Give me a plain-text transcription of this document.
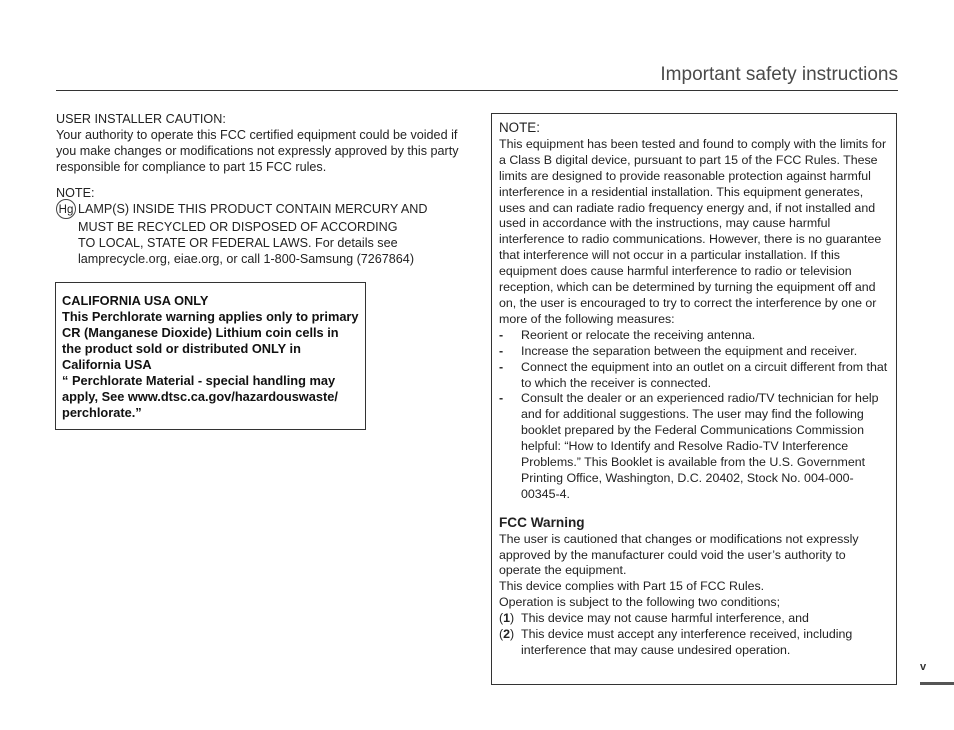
Important safety instructions

USER INSTALLER CAUTION:

Your authority to operate this FCC certified equipment could be voided if you make changes or modifications not expressly approved by this party responsible for compliance to part 15 FCC rules.

NOTE:

Hg LAMP(S) INSIDE THIS PRODUCT CONTAIN MERCURY AND

MUST BE RECYCLED OR DISPOSED OF ACCORDING

TO LOCAL, STATE OR FEDERAL LAWS. For details see

lamprecycle.org, eiae.org, or call 1-800-Samsung (7267864)

CALIFORNIA USA ONLY
This Perchlorate warning applies only to primary CR (Manganese Dioxide) Lithium coin cells in the product sold or distributed ONLY in California USA
“ Perchlorate Material - special handling may apply, See www.dtsc.ca.gov/hazardouswaste/ perchlorate.”
NOTE:
This equipment has been tested and found to comply with the limits for a Class B digital device, pursuant to part 15 of the FCC Rules. These limits are designed to provide reasonable protection against harmful interference in a residential installation. This equipment generates, uses and can radiate radio frequency energy and, if not installed and used in accordance with the instructions, may cause harmful interference to radio communications. However, there is no guarantee that interference will not occur in a particular installation. If this equipment does cause harmful interference to radio or television reception, which can be determined by turning the equipment off and on, the user is encouraged to try to correct the interference by one or more of the following measures:
-	Reorient or relocate the receiving antenna.
-	Increase the separation between the equipment and receiver.
-	Connect the equipment into an outlet on a circuit different from that to which the receiver is connected.
-	Consult the dealer or an experienced radio/TV technician for help and for additional suggestions. The user may find the following booklet prepared by the Federal Communications Commission helpful: “How to Identify and Resolve Radio-TV Interference Problems.” This Booklet is available from the U.S. Government Printing Office, Washington, D.C. 20402, Stock No. 004-000-00345-4.
FCC Warning
The user is cautioned that changes or modifications not expressly approved by the manufacturer could void the user’s authority to operate the equipment.
This device complies with Part 15 of FCC Rules.
Operation is subject to the following two conditions;
(1) This device may not cause harmful interference, and
(2) This device must accept any interference received, including interference that may cause undesired operation.
v
